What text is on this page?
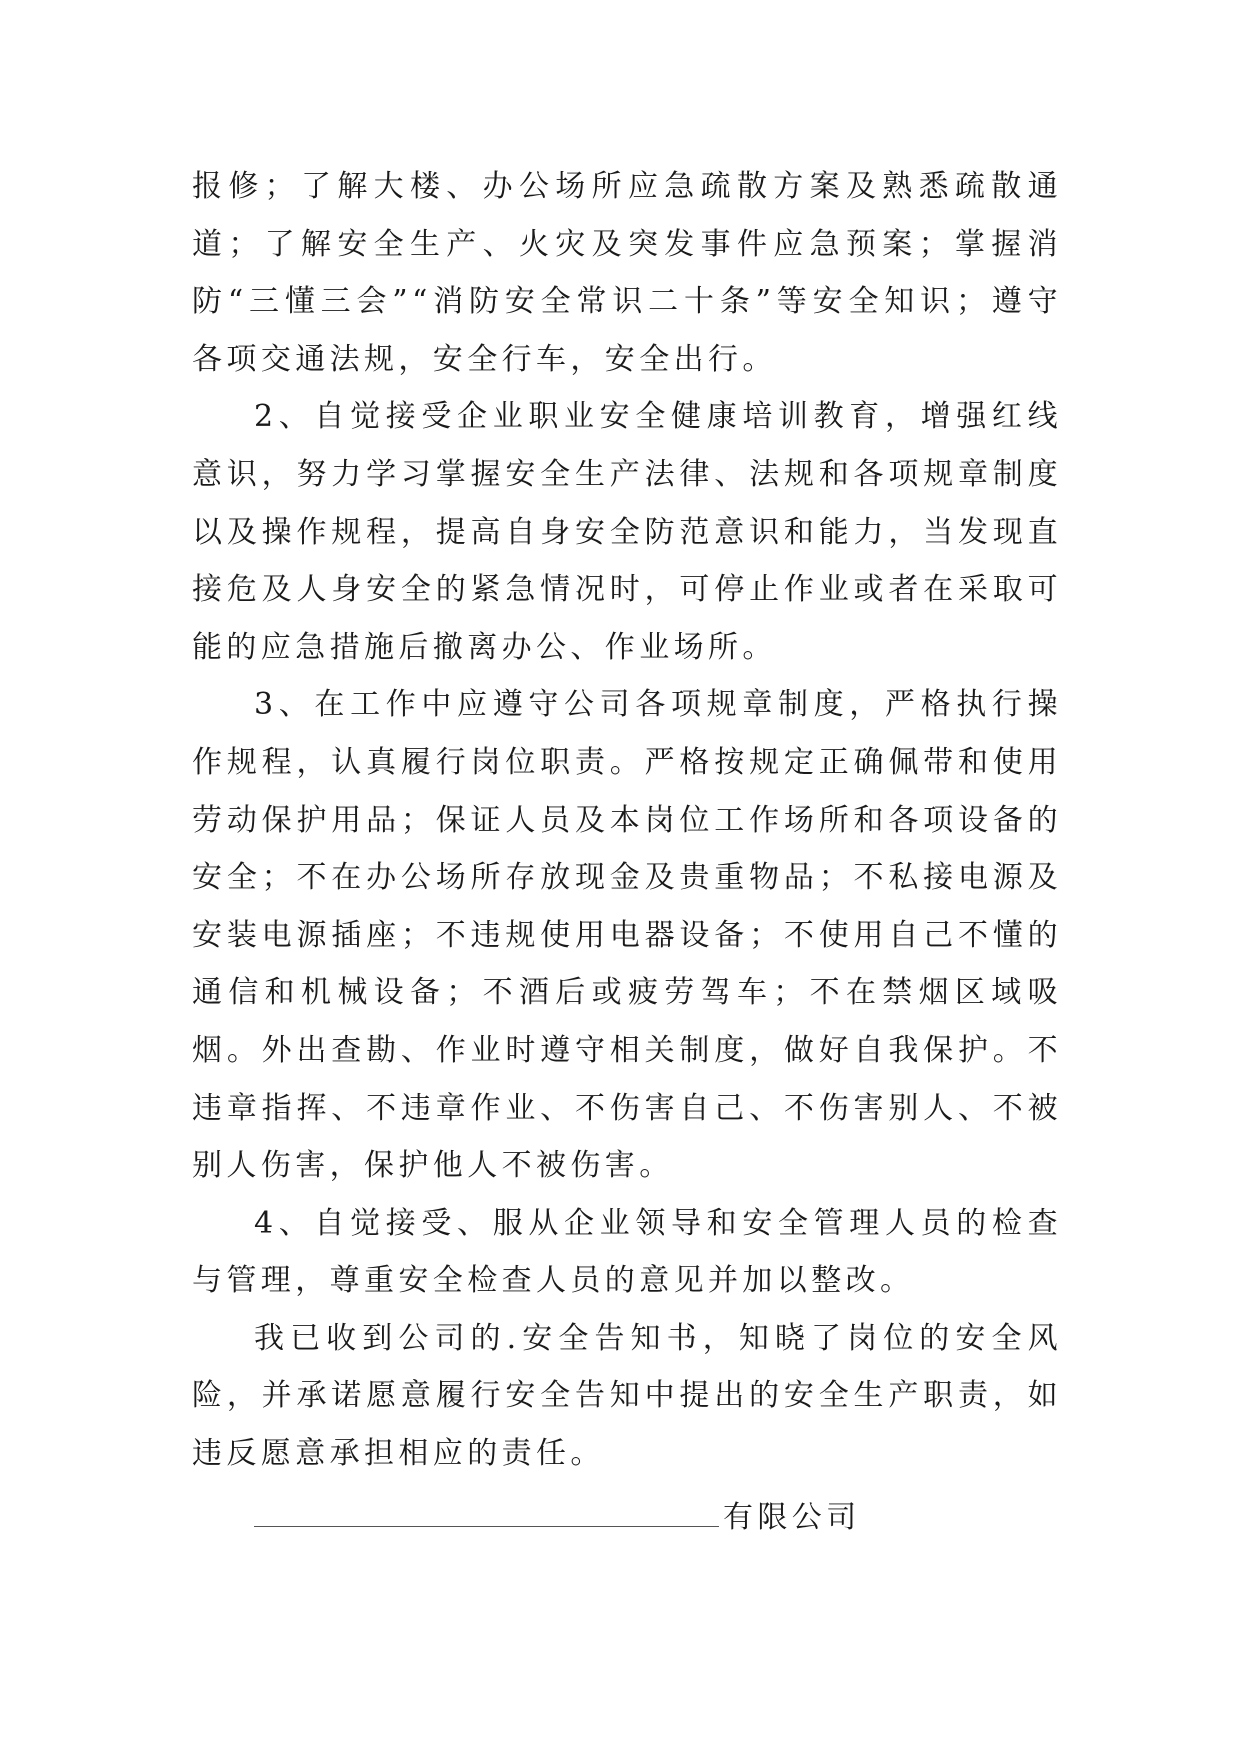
报修；了解大楼、办公场所应急疏散方案及熟悉疏散通道；了解安全生产、火灾及突发事件应急预案；掌握消防“三懂三会”“消防安全常识二十条”等安全知识；遵守各项交通法规，安全行车，安全出行。

2、自觉接受企业职业安全健康培训教育，增强红线意识，努力学习掌握安全生产法律、法规和各项规章制度以及操作规程，提高自身安全防范意识和能力，当发现直接危及人身安全的紧急情况时，可停止作业或者在采取可能的应急措施后撤离办公、作业场所。

3、在工作中应遵守公司各项规章制度，严格执行操作规程，认真履行岗位职责。严格按规定正确佩带和使用劳动保护用品；保证人员及本岗位工作场所和各项设备的安全；不在办公场所存放现金及贵重物品；不私接电源及安装电源插座；不违规使用电器设备；不使用自己不懂的通信和机械设备；不酒后或疲劳驾车；不在禁烟区域吸烟。外出查勘、作业时遵守相关制度，做好自我保护。不违章指挥、不违章作业、不伤害自己、不伤害别人、不被别人伤害，保护他人不被伤害。

4、自觉接受、服从企业领导和安全管理人员的检查与管理，尊重安全检查人员的意见并加以整改。

我已收到公司的.安全告知书，知晓了岗位的安全风险，并承诺愿意履行安全告知中提出的安全生产职责，如违反愿意承担相应的责任。

有限公司
